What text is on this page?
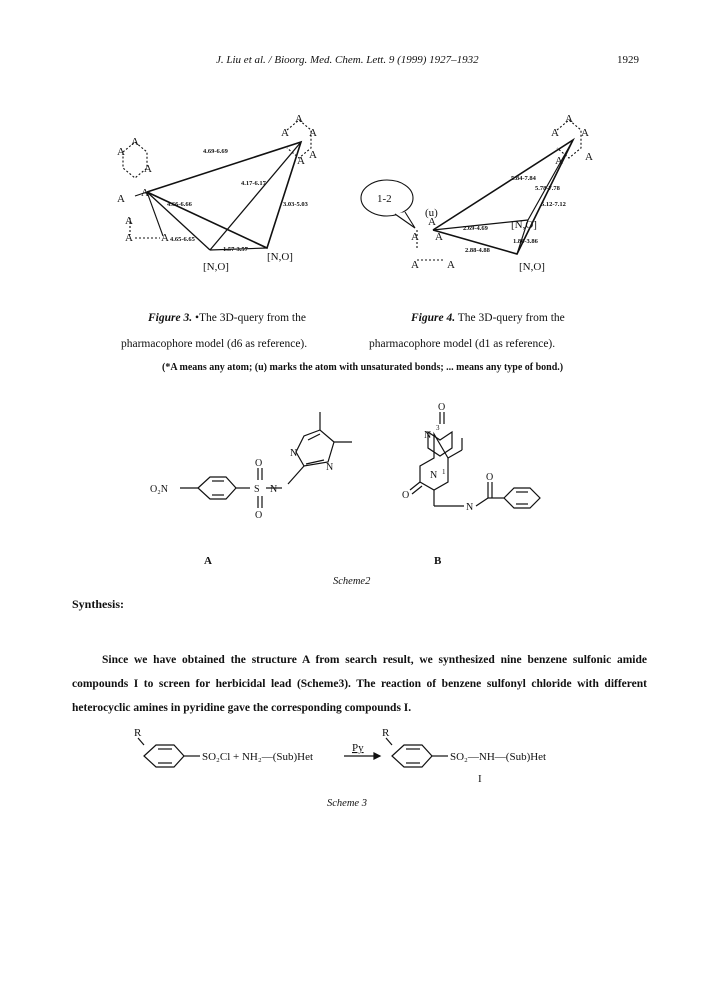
J. Liu et al. / Bioorg. Med. Chem. Lett. 9 (1999) 1927–1932	1929
A
A
A
A A
A
A	A
A
A A
A A
[N,O]
[N,O]
4.69-6.69
4.17-6.17
4.66-6.66	3.03-5.03
4.65-6.65
1.57-3.57
A
A A
A A
A
A A
A	A
1-2
(u)
[N,O]
[N,O]
5.84-7.84
5.78-7.78
5.12-7.12
2.69-4.69
1.86-3.86
2.88-4.88
Figure 3. •The 3D-query from the
pharmacophore model (d6 as reference).
Figure 4. The 3D-query from the
pharmacophore model (d1 as reference).
(*A means any atom; (u) marks the atom with unsaturated bonds; ... means any type of bond.)
O₂N	S N
O
O
N
N
O
N
O
N
N
O
3
1
A	B
Scheme2
Synthesis:
Since we have obtained the structure A from search result, we synthesized nine benzene sulfonic amide
compounds I to screen for herbicidal lead (Scheme3). The reaction of benzene sulfonyl chloride with different
heterocyclic amines in pyridine gave the corresponding compounds I.
R
SO₂Cl + NH₂—(Sub)Het
Py
R
SO₂—NH—(Sub)Het
I
Scheme 3
